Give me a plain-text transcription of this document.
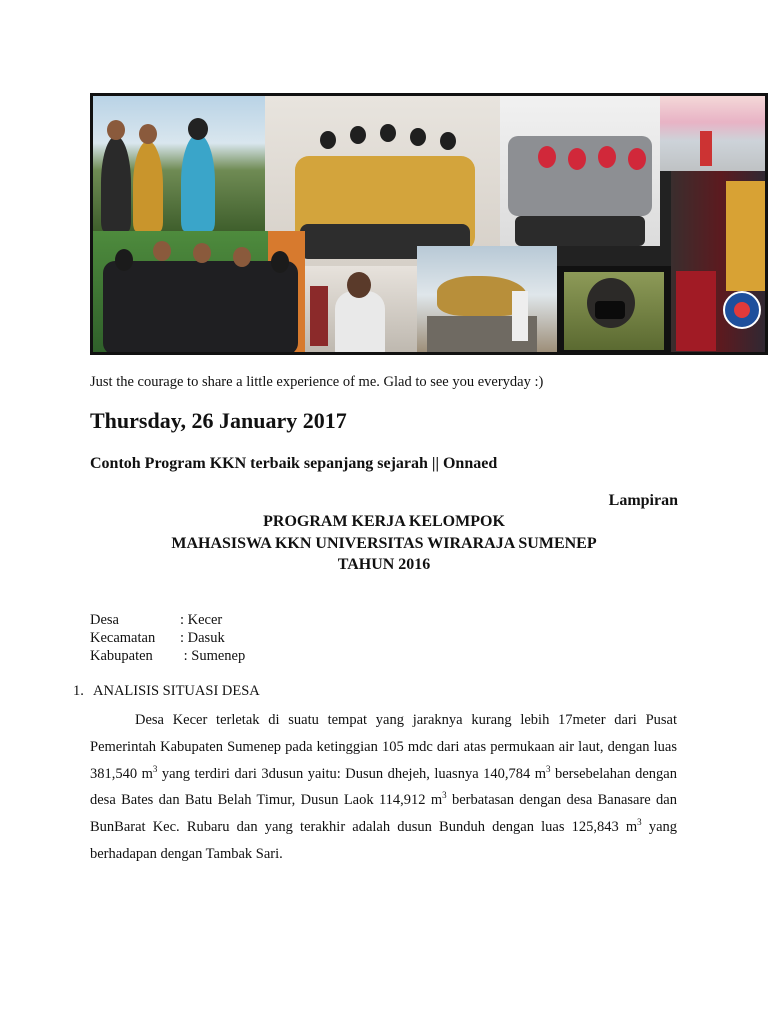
Just the courage to share a little experience of me. Glad to see you everyday :)
Thursday, 26 January 2017
Contoh Program KKN terbaik sepanjang sejarah || Onnaed
Lampiran
PROGRAM KERJA KELOMPOK
MAHASISWA KKN UNIVERSITAS WIRARAJA SUMENEP
TAHUN 2016
Desa	: Kecer
Kecamatan	: Dasuk
Kabupaten	: Sumenep
1. ANALISIS SITUASI DESA

Desa Kecer terletak di suatu tempat yang jaraknya kurang lebih 17meter dari Pusat Pemerintah Kabupaten Sumenep pada ketinggian 105 mdc dari atas permukaan air laut, dengan luas 381,540 $m^3$ yang terdiri dari 3dusun yaitu: Dusun dhejeh, luasnya 140,784 $m^3$ bersebelahan dengan desa Bates dan Batu Belah Timur, Dusun Laok 114,912 $m^3$ berbatasan dengan desa Banasare dan BunBarat Kec. Rubaru dan yang terakhir adalah dusun Bunduh dengan luas 125,843 $m^3$ yang berhadapan dengan Tambak Sari.
